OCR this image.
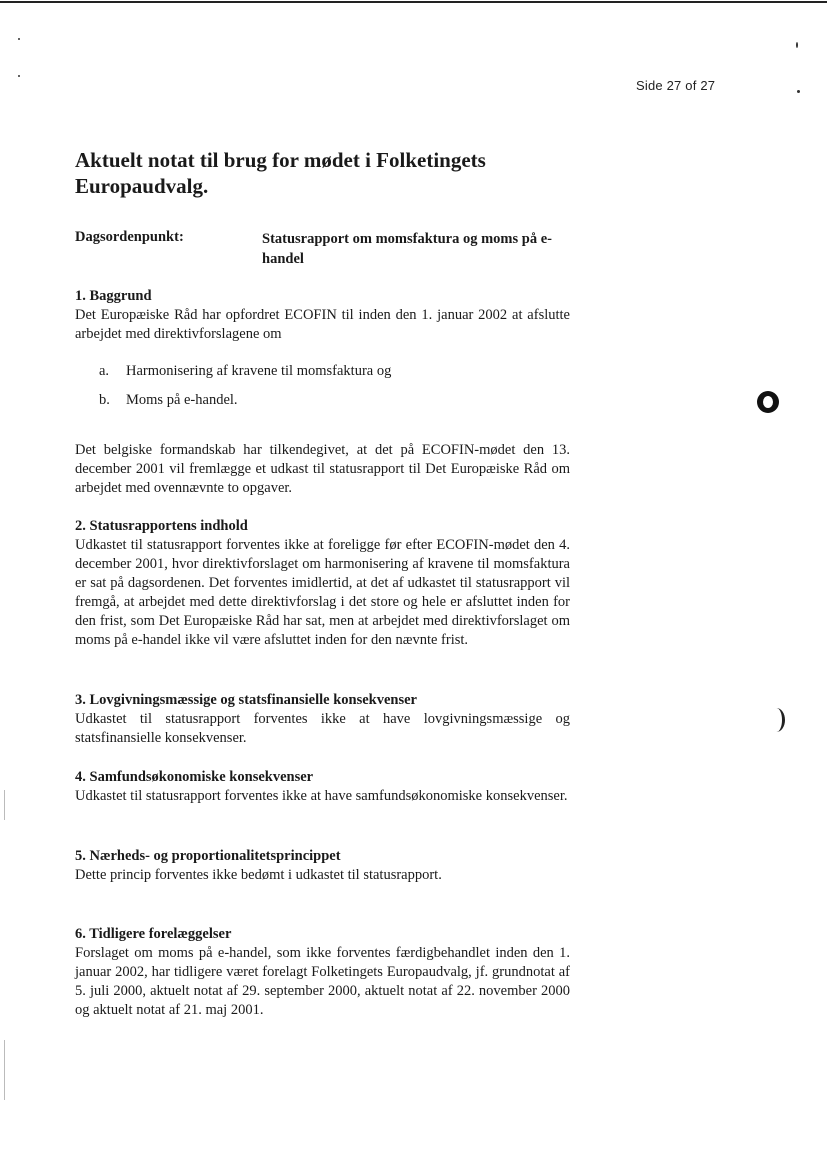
Side 27 of 27
Aktuelt notat til brug for mødet i Folketingets Europaudvalg.
Dagsordenpunkt:	Statusrapport om momsfaktura og moms på e-handel
1. Baggrund

Det Europæiske Råd har opfordret ECOFIN til inden den 1. januar 2002 at afslutte arbejdet med direktivforslagene om

a.	Harmonisering af kravene til momsfaktura og
b.	Moms på e-handel.

Det belgiske formandskab har tilkendegivet, at det på ECOFIN-mødet den 13. december 2001 vil fremlægge et udkast til statusrapport til Det Europæiske Råd om arbejdet med ovennævnte to opgaver.

2. Statusrapportens indhold

Udkastet til statusrapport forventes ikke at foreligge før efter ECOFIN-mødet den 4. december 2001, hvor direktivforslaget om harmonisering af kravene til momsfaktura er sat på dagsordenen. Det forventes imidlertid, at det af udkastet til statusrapport vil fremgå, at arbejdet med dette direktivforslag i det store og hele er afsluttet inden for den frist, som Det Europæiske Råd har sat, men at arbejdet med direktivforslaget om moms på e-handel ikke vil være afsluttet inden for den nævnte frist.

3. Lovgivningsmæssige og statsfinansielle konsekvenser

Udkastet til statusrapport forventes ikke at have lovgivningsmæssige og statsfinansielle konsekvenser.

4. Samfundsøkonomiske konsekvenser

Udkastet til statusrapport forventes ikke at have samfundsøkonomiske konsekvenser.

5. Nærheds- og proportionalitetsprincippet

Dette princip forventes ikke bedømt i udkastet til statusrapport.

6. Tidligere forelæggelser

Forslaget om moms på e-handel, som ikke forventes færdigbehandlet inden den 1. januar 2002, har tidligere været forelagt Folketingets Europaudvalg, jf. grundnotat af 5. juli 2000, aktuelt notat af 29. september 2000, aktuelt notat af 22. november 2000 og aktuelt notat af 21. maj 2001.
